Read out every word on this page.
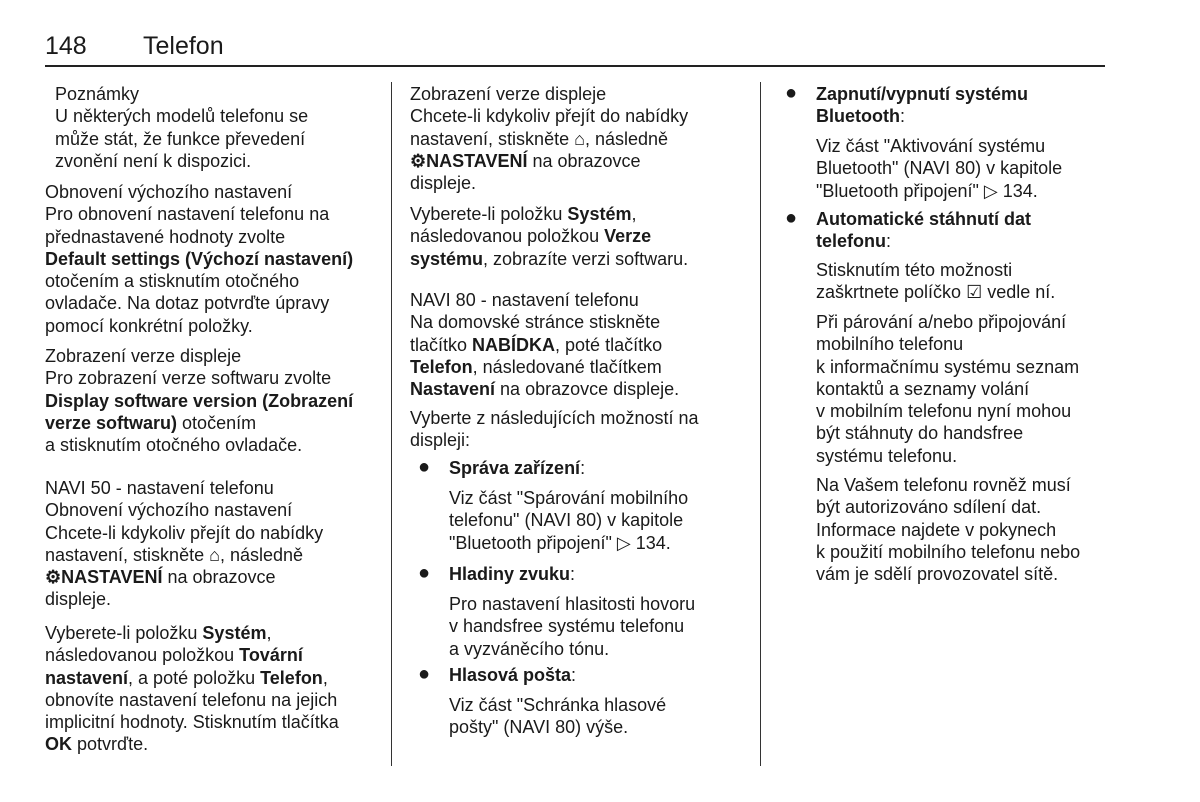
148 Telefon
Poznámky
U některých modelů telefonu se
může stát, že funkce převedení
zvonění není k dispozici.
Obnovení výchozího nastavení
Pro obnovení nastavení telefonu na
přednastavené hodnoty zvolte
Default settings (Výchozí nastavení)
otočením a stisknutím otočného
ovladače. Na dotaz potvrďte úpravy
pomocí konkrétní položky.
Zobrazení verze displeje
Pro zobrazení verze softwaru zvolte
Display software version (Zobrazení
verze softwaru) otočením
a stisknutím otočného ovladače.
NAVI 50 - nastavení telefonu
Obnovení výchozího nastavení
Chcete-li kdykoliv přejít do nabídky
nastavení, stiskněte ⌂, následně
⚙NASTAVENÍ na obrazovce
displeje.
Vyberete-li položku Systém,
následovanou položkou Tovární
nastavení, a poté položku Telefon,
obnovíte nastavení telefonu na jejich
implicitní hodnoty. Stisknutím tlačítka
OK potvrďte.
Zobrazení verze displeje
Chcete-li kdykoliv přejít do nabídky
nastavení, stiskněte ⌂, následně
⚙NASTAVENÍ na obrazovce
displeje.
Vyberete-li položku Systém,
následovanou položkou Verze
systému, zobrazíte verzi softwaru.
NAVI 80 - nastavení telefonu
Na domovské stránce stiskněte
tlačítko NABÍDKA, poté tlačítko
Telefon, následované tlačítkem
Nastavení na obrazovce displeje.
Vyberte z následujících možností na
displeji:
● Správa zařízení:
Viz část "Spárování mobilního
telefonu" (NAVI 80) v kapitole
"Bluetooth připojení" ▷ 134.
● Hladiny zvuku:
Pro nastavení hlasitosti hovoru
v handsfree systému telefonu
a vyzváněcího tónu.
● Hlasová pošta:
Viz část "Schránka hlasové
pošty" (NAVI 80) výše.
● Zapnutí/vypnutí systému
Bluetooth:
Viz část "Aktivování systému
Bluetooth" (NAVI 80) v kapitole
"Bluetooth připojení" ▷ 134.
● Automatické stáhnutí dat
telefonu:
Stisknutím této možnosti
zaškrtnete políčko ☑ vedle ní.
Při párování a/nebo připojování
mobilního telefonu
k informačnímu systému seznam
kontaktů a seznamy volání
v mobilním telefonu nyní mohou
být stáhnuty do handsfree
systému telefonu.
Na Vašem telefonu rovněž musí
být autorizováno sdílení dat.
Informace najdete v pokynech
k použití mobilního telefonu nebo
vám je sdělí provozovatel sítě.
